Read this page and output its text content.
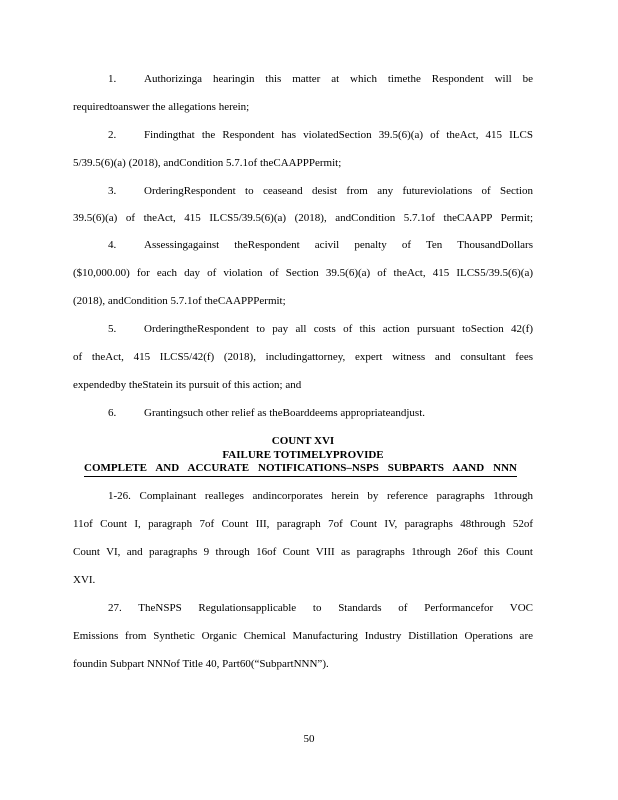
1.	Authorizinga hearingin this matter at which timethe Respondent will be
requiredtoanswer the allegations herein;
2.	Findingthat the Respondent has violatedSection 39.5(6)(a) of theAct, 415 ILCS
5/39.5(6)(a) (2018), andCondition 5.7.1of theCAAPPPermit;
3.	OrderingRespondent to ceaseand desist from any futureviolations of Section
39.5(6)(a) of theAct, 415 ILCS5/39.5(6)(a) (2018), andCondition 5.7.1of theCAAPP Permit;
4.	Assessingagainst theRespondent acivil penalty of Ten ThousandDollars
($10,000.00) for each day of violation of Section 39.5(6)(a) of theAct, 415 ILCS5/39.5(6)(a)
(2018), andCondition 5.7.1of theCAAPPPermit;
5.	OrderingtheRespondent to pay all costs of this action pursuant toSection 42(f)
of theAct, 415 ILCS5/42(f) (2018), includingattorney, expert witness and consultant fees
expendedby theStatein its pursuit of this action; and
6.	Grantingsuch other relief as theBoarddeems appropriateandjust.
COUNT XVI
FAILURE TOTIMELYPROVIDE
COMPLETE AND ACCURATE NOTIFICATIONS–NSPS SUBPARTS AAND NNN
1-26. Complainant realleges andincorporates herein by reference paragraphs 1through
11of Count I, paragraph 7of Count III, paragraph 7of Count IV, paragraphs 48through 52of
Count VI, and paragraphs 9 through 16of Count VIII as paragraphs 1through 26of this Count
XVI.
27. TheNSPS Regulationsapplicable to Standards of Performancefor VOC
Emissions from Synthetic Organic Chemical Manufacturing Industry Distillation Operations are
foundin Subpart NNNof Title 40, Part60(“SubpartNNN”).
50
